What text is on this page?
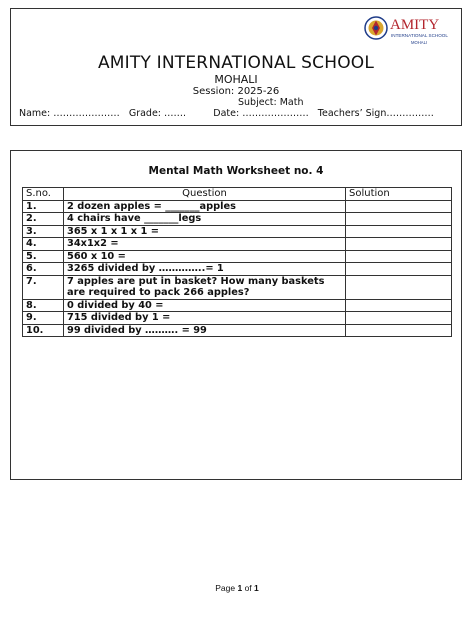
AMITY
INTERNATIONAL SCHOOL
MOHALI
AMITY INTERNATIONAL SCHOOL
MOHALI
Session: 2025-26
Subject: Math
Name: ………………… Grade: …….	Date: ………………… Teachers’ Sign……………
Mental Math Worksheet no. 4
S.no.	Question	Solution
1.	2 dozen apples = _______apples	
2.	4 chairs have _______legs	
3.	365 x 1 x 1 x 1 =	
4.	34x1x2 =	
5.	560 x 10 =	
6.	3265 divided by …………..= 1	
7.	7 apples are put in basket? How many baskets are required to pack 266 apples?	
8.	0 divided by 40 =	
9.	715 divided by 1 =	
10.	99 divided by ………. = 99	
Page 1 of 1
